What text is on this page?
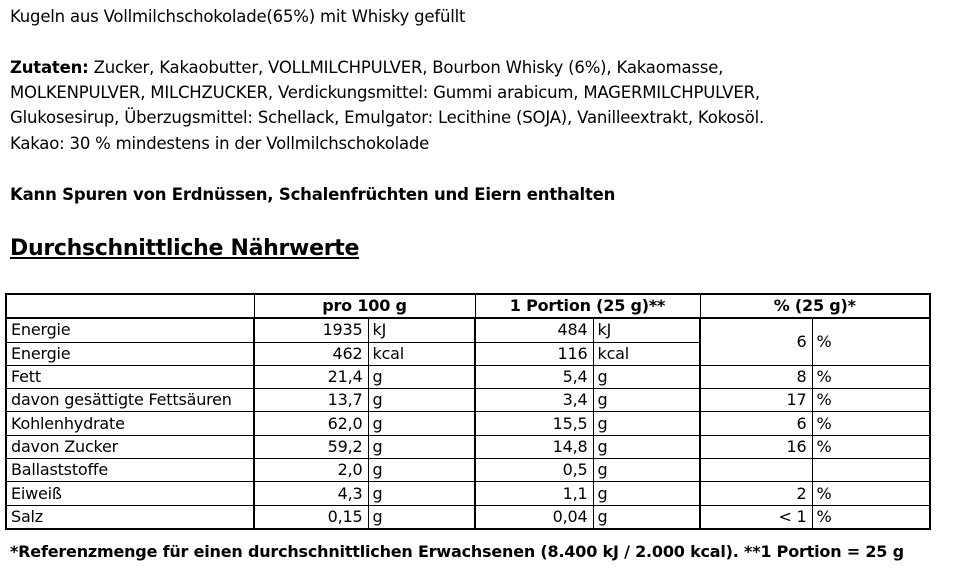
Kugeln aus Vollmilchschokolade(65%) mit Whisky gefüllt
Zutaten: Zucker, Kakaobutter, VOLLMILCHPULVER, Bourbon Whisky (6%), Kakaomasse,
MOLKENPULVER, MILCHZUCKER, Verdickungsmittel: Gummi arabicum, MAGERMILCHPULVER,
Glukosesirup, Überzugsmittel: Schellack, Emulgator: Lecithine (SOJA), Vanilleextrakt, Kokosöl.
Kakao: 30 % mindestens in der Vollmilchschokolade
Kann Spuren von Erdnüssen, Schalenfrüchten und Eiern enthalten
Durchschnittliche Nährwerte
	pro 100 g		1 Portion (25 g)**		% (25 g)*	
Energie	1935	kJ	484	kJ	6	%
Energie	462	kcal	116	kcal		
Fett	21,4	g	5,4	g	8	%
davon gesättigte Fettsäuren	13,7	g	3,4	g	17	%
Kohlenhydrate	62,0	g	15,5	g	6	%
davon Zucker	59,2	g	14,8	g	16	%
Ballaststoffe	2,0	g	0,5	g		
Eiweiß	4,3	g	1,1	g	2	%
Salz	0,15	g	0,04	g	< 1	%
*Referenzmenge für einen durchschnittlichen Erwachsenen (8.400 kJ / 2.000 kcal). **1 Portion = 25 g
